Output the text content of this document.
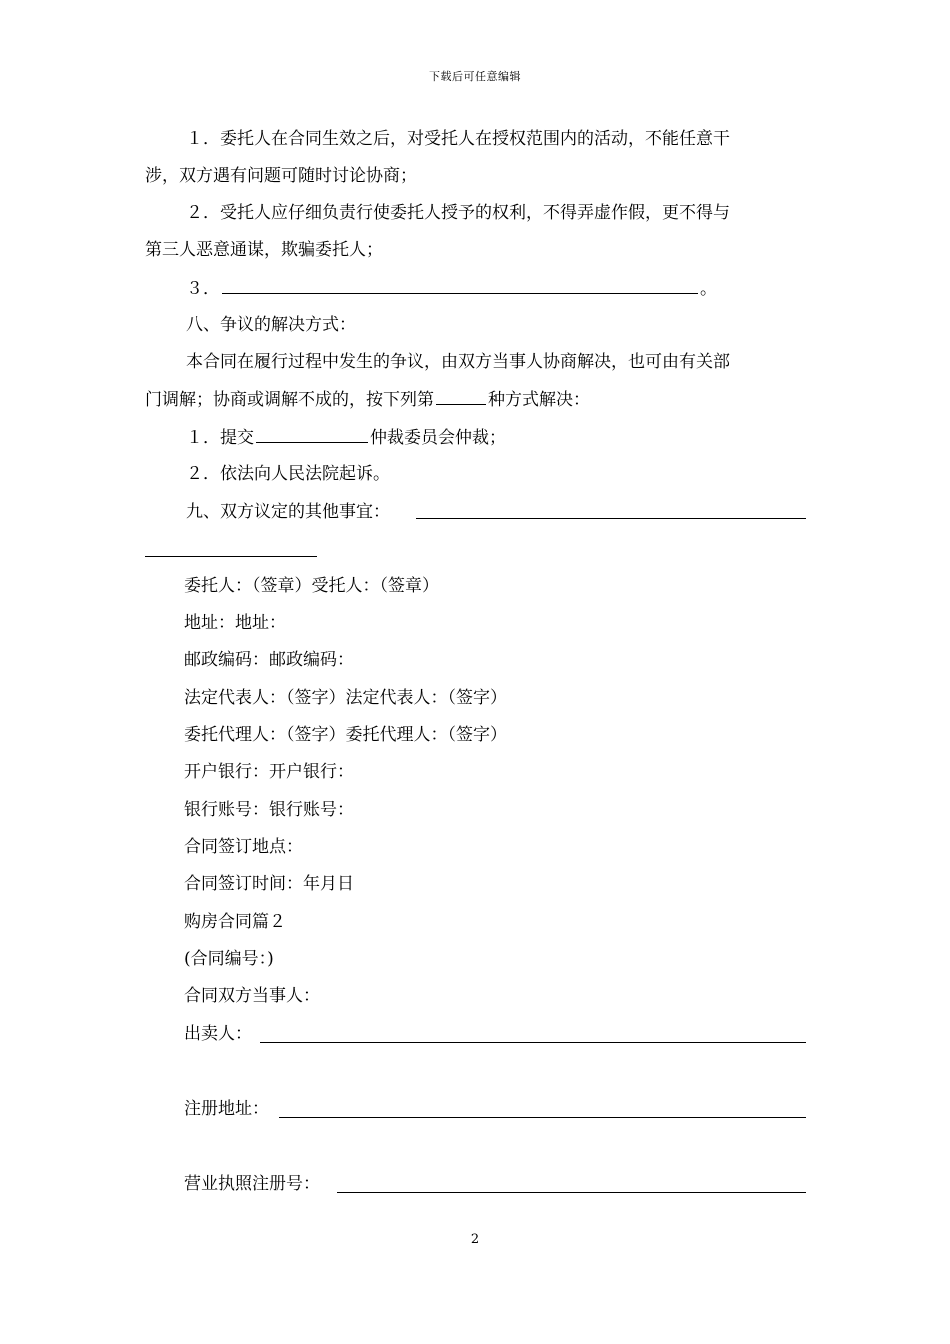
下载后可任意编辑
１．委托人在合同生效之后，对受托人在授权范围内的活动，不能任意干
涉，双方遇有问题可随时讨论协商；
２．受托人应仔细负责行使委托人授予的权利，不得弄虚作假，更不得与
第三人恶意通谋，欺骗委托人；
３．	。
八、争议的解决方式：
本合同在履行过程中发生的争议，由双方当事人协商解决，也可由有关部
门调解；协商或调解不成的，按下列第	种方式解决：
１．提交	仲裁委员会仲裁；
２．依法向人民法院起诉。
九、双方议定的其他事宜：
委托人：（签章）受托人：（签章）
地址：地址：
邮政编码：邮政编码：
法定代表人：（签字）法定代表人：（签字）
委托代理人：（签字）委托代理人：（签字）
开户银行：开户银行：
银行账号：银行账号：
合同签订地点：
合同签订时间：年月日
购房合同篇２
(合同编号：)
合同双方当事人：
出卖人：
注册地址：
营业执照注册号：
2
